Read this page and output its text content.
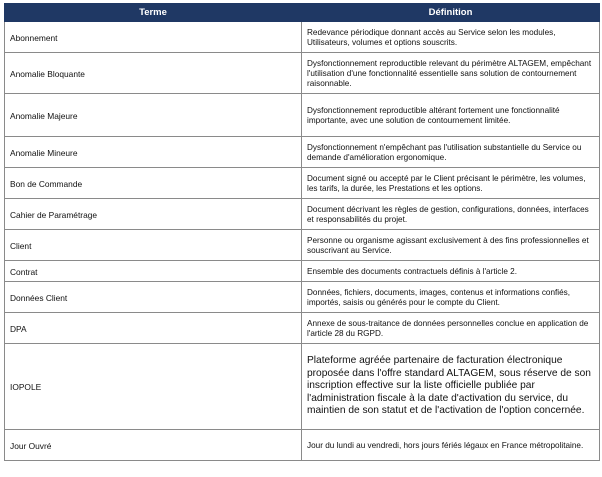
Terme	Définition
Abonnement	Redevance périodique donnant accès au Service selon les modules, Utilisateurs, volumes et options souscrits.
Anomalie Bloquante	Dysfonctionnement reproductible relevant du périmètre ALTAGEM, empêchant l'utilisation d'une fonctionnalité essentielle sans solution de contournement raisonnable.
Anomalie Majeure	Dysfonctionnement reproductible altérant fortement une fonctionnalité importante, avec une solution de contournement limitée.
Anomalie Mineure	Dysfonctionnement n'empêchant pas l'utilisation substantielle du Service ou demande d'amélioration ergonomique.
Bon de Commande	Document signé ou accepté par le Client précisant le périmètre, les volumes, les tarifs, la durée, les Prestations et les options.
Cahier de Paramétrage	Document décrivant les règles de gestion, configurations, données, interfaces et responsabilités du projet.
Client	Personne ou organisme agissant exclusivement à des fins professionnelles et souscrivant au Service.
Contrat	Ensemble des documents contractuels définis à l'article 2.
Données Client	Données, fichiers, documents, images, contenus et informations confiés, importés, saisis ou générés pour le compte du Client.
DPA	Annexe de sous-traitance de données personnelles conclue en application de l'article 28 du RGPD.
IOPOLE	Plateforme agréée partenaire de facturation électronique proposée dans l'offre standard ALTAGEM, sous réserve de son inscription effective sur la liste officielle publiée par l'administration fiscale à la date d'activation du service, du maintien de son statut et de l'activation de l'option concernée.
Jour Ouvré	Jour du lundi au vendredi, hors jours fériés légaux en France métropolitaine.
